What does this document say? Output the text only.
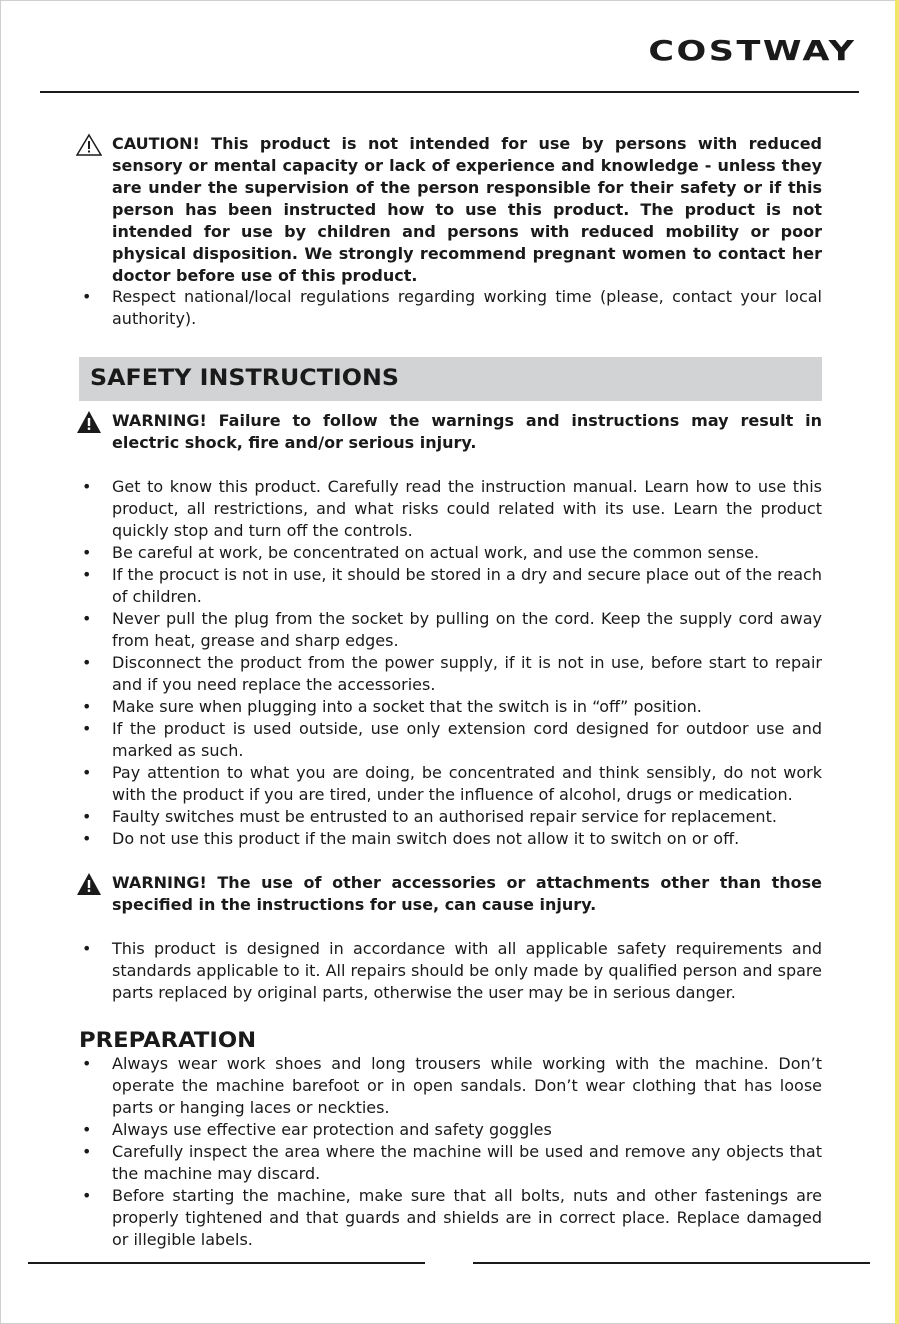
COSTWAY
CAUTION! This product is not intended for use by persons with reduced sensory or mental capacity or lack of experience and knowledge - unless they are under the supervision of the person responsible for their safety or if this person has been instructed how to use this product. The product is not intended for use by children and persons with reduced mobility or poor physical disposition. We strongly recommend pregnant women to contact her doctor before use of this product.
• Respect national/local regulations regarding working time (please, contact your local authority).
SAFETY INSTRUCTIONS
WARNING! Failure to follow the warnings and instructions may result in electric shock, fire and/or serious injury.
• Get to know this product. Carefully read the instruction manual. Learn how to use this product, all restrictions, and what risks could related with its use. Learn the product quickly stop and turn off the controls.
• Be careful at work, be concentrated on actual work, and use the common sense.
• If the procuct is not in use, it should be stored in a dry and secure place out of the reach of children.
• Never pull the plug from the socket by pulling on the cord. Keep the supply cord away from heat, grease and sharp edges.
• Disconnect the product from the power supply, if it is not in use, before start to repair and if you need replace the accessories.
• Make sure when plugging into a socket that the switch is in “off” position.
• If the product is used outside, use only extension cord designed for outdoor use and marked as such.
• Pay attention to what you are doing, be concentrated and think sensibly, do not work with the product if you are tired, under the influence of alcohol, drugs or medication.
• Faulty switches must be entrusted to an authorised repair service for replacement.
• Do not use this product if the main switch does not allow it to switch on or off.
WARNING! The use of other accessories or attachments other than those specified in the instructions for use, can cause injury.
• This product is designed in accordance with all applicable safety requirements and standards applicable to it. All repairs should be only made by qualified person and spare parts replaced by original parts, otherwise the user may be in serious danger.
PREPARATION
• Always wear work shoes and long trousers while working with the machine. Don’t operate the machine barefoot or in open sandals. Don’t wear clothing that has loose parts or hanging laces or neckties.
• Always use effective ear protection and safety goggles
• Carefully inspect the area where the machine will be used and remove any objects that the machine may discard.
• Before starting the machine, make sure that all bolts, nuts and other fastenings are properly tightened and that guards and shields are in correct place. Replace damaged or illegible labels.
